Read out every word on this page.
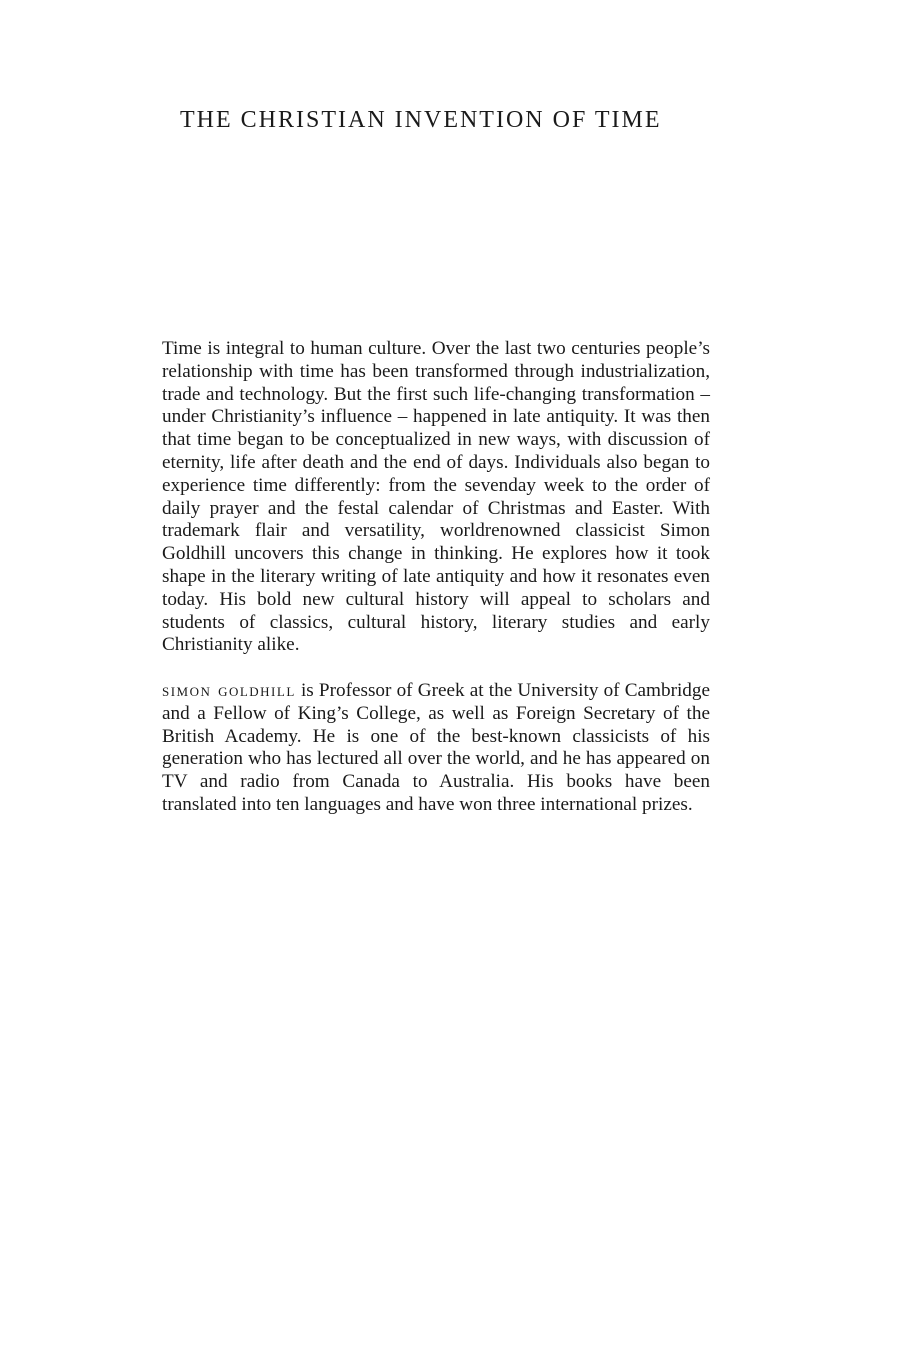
THE CHRISTIAN INVENTION OF TIME

Time is integral to human culture. Over the last two centuries people’s relationship with time has been transformed through industrialization, trade and technology. But the first such life-changing transformation – under Christianity’s influence – happened in late antiquity. It was then that time began to be conceptualized in new ways, with discussion of eternity, life after death and the end of days. Individuals also began to experience time differently: from the sevenday week to the order of daily prayer and the festal calendar of Christmas and Easter. With trademark flair and versatility, worldrenowned classicist Simon Goldhill uncovers this change in thinking. He explores how it took shape in the literary writing of late antiquity and how it resonates even today. His bold new cultural history will appeal to scholars and students of classics, cultural history, literary studies and early Christianity alike.

simon goldhill is Professor of Greek at the University of Cambridge and a Fellow of King’s College, as well as Foreign Secretary of the British Academy. He is one of the best-known classicists of his generation who has lectured all over the world, and he has appeared on TV and radio from Canada to Australia. His books have been translated into ten languages and have won three international prizes.
